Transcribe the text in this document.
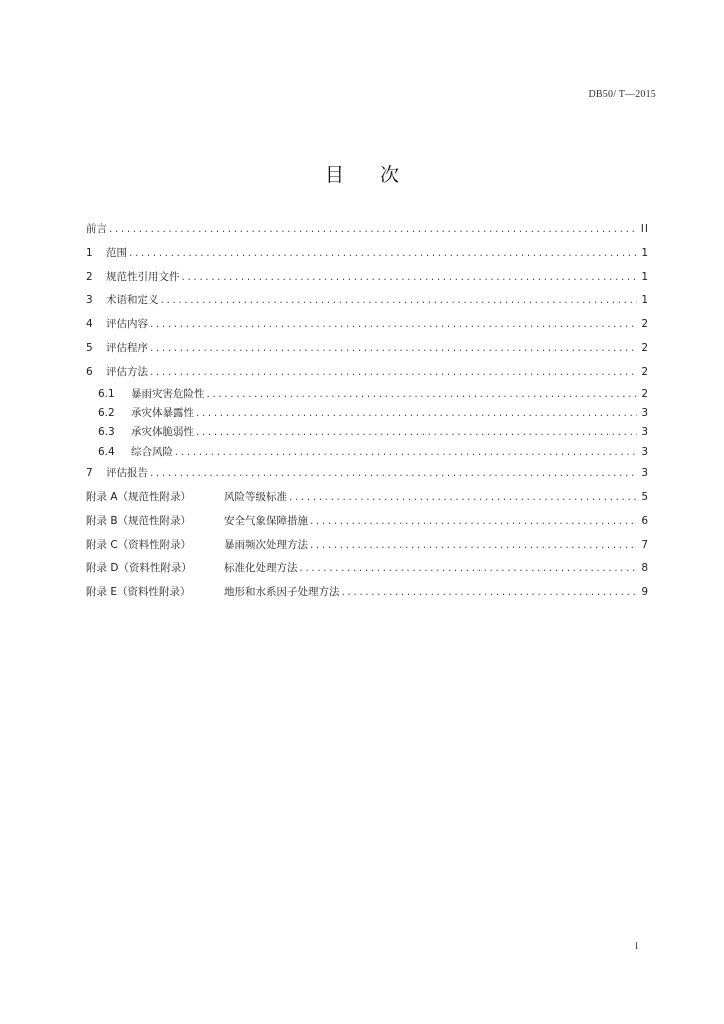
DB50/ T—2015
目次
前言 .....	II
1	范围 .....	1
2	规范性引用文件 .....	1
3	术语和定义 .....	1
4	评估内容 .....	2
5	评估程序 .....	2
6	评估方法 .....	2
6.1	暴雨灾害危险性 .....	2
6.2	承灾体暴露性 .....	3
6.3	承灾体脆弱性 .....	3
6.4	综合风险 .....	3
7	评估报告 .....	3
附录 A（规范性附录）	风险等级标准 .....	5
附录 B（规范性附录）	安全气象保障措施 .....	6
附录 C（资料性附录）	暴雨频次处理方法 .....	7
附录 D（资料性附录）	标准化处理方法 .....	8
附录 E（资料性附录）	地形和水系因子处理方法 .....	9
I
